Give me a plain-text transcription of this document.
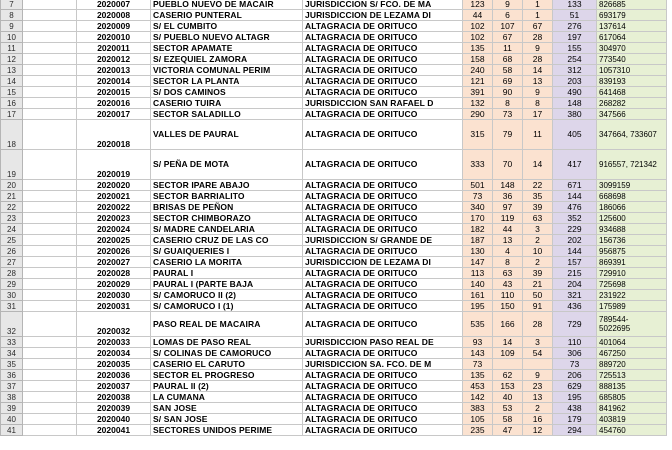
7		2020007	PUEBLO NUEVO DE MACAIR	JURISDICCION S/ FCO. DE MA	123	9	1	133	826685
8		2020008	CASERIO PUNTERAL	JURISDICCION DE LEZAMA DI	44	6	1	51	693179
9		2020009	S/ EL CUMBITO	ALTAGRACIA DE ORITUCO	102	107	67	276	137614
10		2020010	S/ PUEBLO NUEVO ALTAGR	ALTAGRACIA DE ORITUCO	102	67	28	197	617064
11		2020011	SECTOR APAMATE	ALTAGRACIA DE ORITUCO	135	11	9	155	304970
12		2020012	S/ EZEQUIEL ZAMORA	ALTAGRACIA DE ORITUCO	158	68	28	254	773540
13		2020013	VICTORIA COMUNAL PERIM	ALTAGRACIA DE ORITUCO	240	58	14	312	1057310
14		2020014	SECTOR LA PLANTA	ALTAGRACIA DE ORITUCO	121	69	13	203	839193
15		2020015	S/ DOS CAMINOS	ALTAGRACIA DE ORITUCO	391	90	9	490	641468
16		2020016	CASERIO TUIRA	JURISDICCION SAN RAFAEL D	132	8	8	148	268282
17		2020017	SECTOR SALADILLO	ALTAGRACIA DE ORITUCO	290	73	17	380	347566
18		2020018	VALLES DE PAURAL	ALTAGRACIA DE ORITUCO	315	79	11	405	347664, 733607
19		2020019	S/ PEÑA DE MOTA	ALTAGRACIA DE ORITUCO	333	70	14	417	916557, 721342
20		2020020	SECTOR IPARE ABAJO	ALTAGRACIA DE ORITUCO	501	148	22	671	3099159
21		2020021	SECTOR BARRIALITO	ALTAGRACIA DE ORITUCO	73	36	35	144	668698
22		2020022	BRISAS DE PEÑON	ALTAGRACIA DE ORITUCO	340	97	39	476	186066
23		2020023	SECTOR CHIMBORAZO	ALTAGRACIA DE ORITUCO	170	119	63	352	125600
24		2020024	S/ MADRE CANDELARIA	ALTAGRACIA DE ORITUCO	182	44	3	229	934688
25		2020025	CASERIO CRUZ DE LAS CO	JURISDICCION S/ GRANDE DE	187	13	2	202	156736
26		2020026	S/ GUAIQUERIES I	ALTAGRACIA DE ORITUCO	130	4	10	144	956875
27		2020027	CASERIO LA MORITA	JURISDICCION DE LEZAMA DI	147	8	2	157	869391
28		2020028	PAURAL I	ALTAGRACIA DE ORITUCO	113	63	39	215	729910
29		2020029	PAURAL I (PARTE BAJA	ALTAGRACIA DE ORITUCO	140	43	21	204	725698
30		2020030	S/ CAMORUCO II (2)	ALTAGRACIA DE ORITUCO	161	110	50	321	231922
31		2020031	S/ CAMORUCO I (1)	ALTAGRACIA DE ORITUCO	195	150	91	436	175989
32		2020032	PASO REAL DE MACAIRA	ALTAGRACIA DE ORITUCO	535	166	28	729	789544-
5022695
33		2020033	LOMAS DE PASO REAL	JURISDICCION PASO REAL DE	93	14	3	110	401064
34		2020034	S/ COLINAS DE CAMORUCO	ALTAGRACIA DE ORITUCO	143	109	54	306	467250
35		2020035	CASERIO EL CARUTO	JURISDICCION SA. FCO. DE M	73			73	889720
36		2020036	SECTOR EL PROGRESO	ALTAGRACIA DE ORITUCO	135	62	9	206	725513
37		2020037	PAURAL II (2)	ALTAGRACIA DE ORITUCO	453	153	23	629	888135
38		2020038	LA CUMANA	ALTAGRACIA DE ORITUCO	142	40	13	195	685805
39		2020039	SAN JOSE	ALTAGRACIA DE ORITUCO	383	53	2	438	841962
40		2020040	S/ SAN JOSE	ALTAGRACIA DE ORITUCO	105	58	16	179	403819
41		2020041	SECTORES UNIDOS PERIME	ALTAGRACIA DE ORITUCO	235	47	12	294	454760
